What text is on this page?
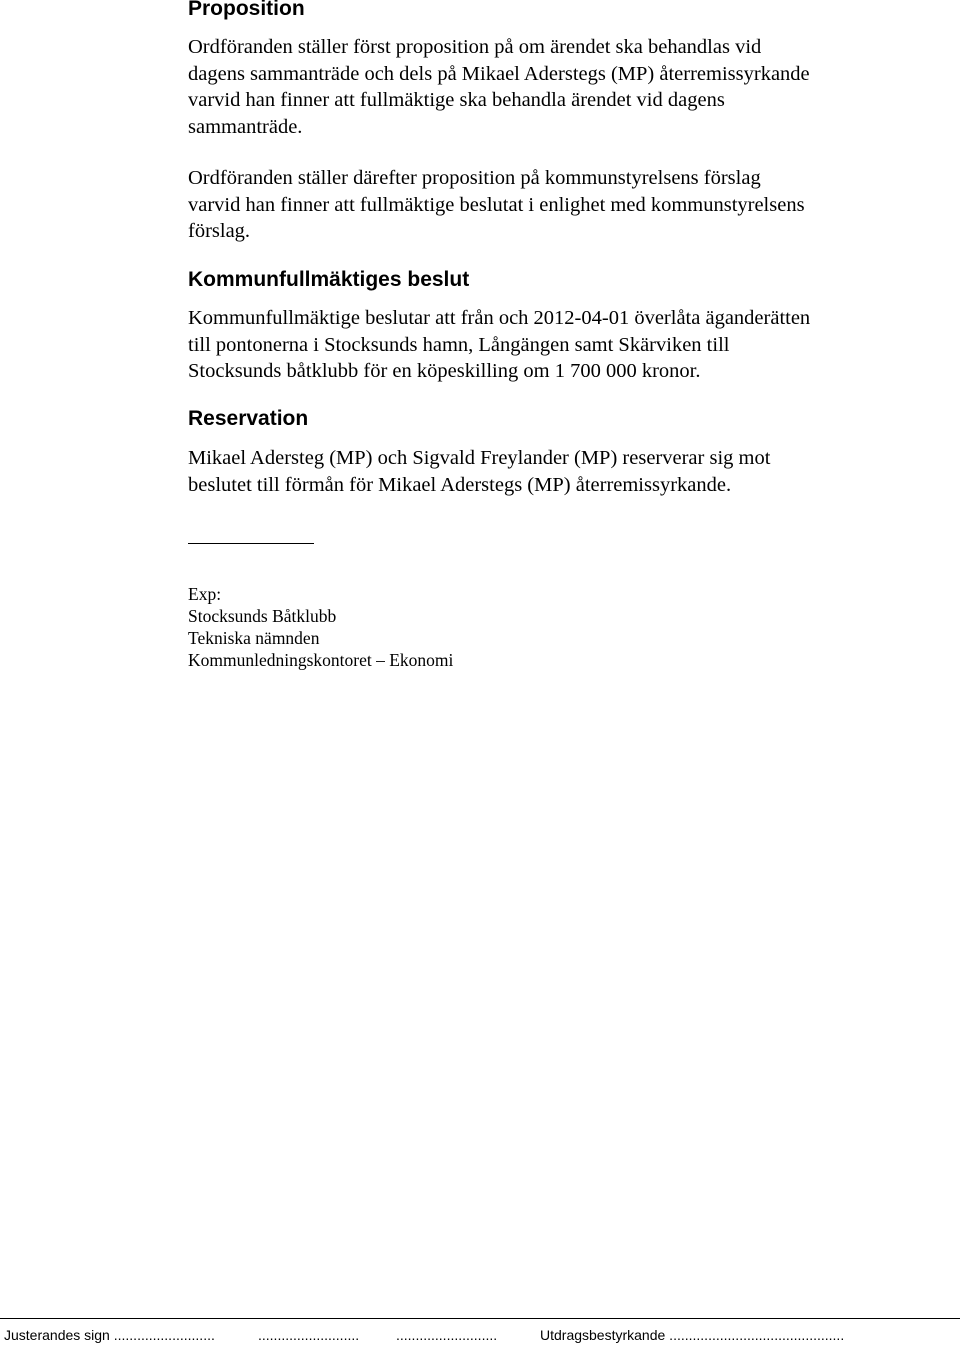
Proposition

Ordföranden ställer först proposition på om ärendet ska behandlas vid
dagens sammanträde och dels på Mikael Aderstegs (MP) återremissyrkande
varvid han finner att fullmäktige ska behandla ärendet vid dagens
sammanträde.

Ordföranden ställer därefter proposition på kommunstyrelsens förslag
varvid han finner att fullmäktige beslutat i enlighet med kommunstyrelsens
förslag.

Kommunfullmäktiges beslut

Kommunfullmäktige beslutar att från och 2012-04-01 överlåta äganderätten
till pontonerna i Stocksunds hamn, Långängen samt Skärviken till
Stocksunds båtklubb för en köpeskilling om 1 700 000 kronor.

Reservation

Mikael Adersteg (MP) och Sigvald Freylander (MP) reserverar sig mot
beslutet till förmån för Mikael Aderstegs (MP) återremissyrkande.

Exp:
Stocksunds Båtklubb
Tekniska nämnden
Kommunledningskontoret – Ekonomi
Justerandes sign ..........................	..........................	..........................	Utdragsbestyrkande .............................................
